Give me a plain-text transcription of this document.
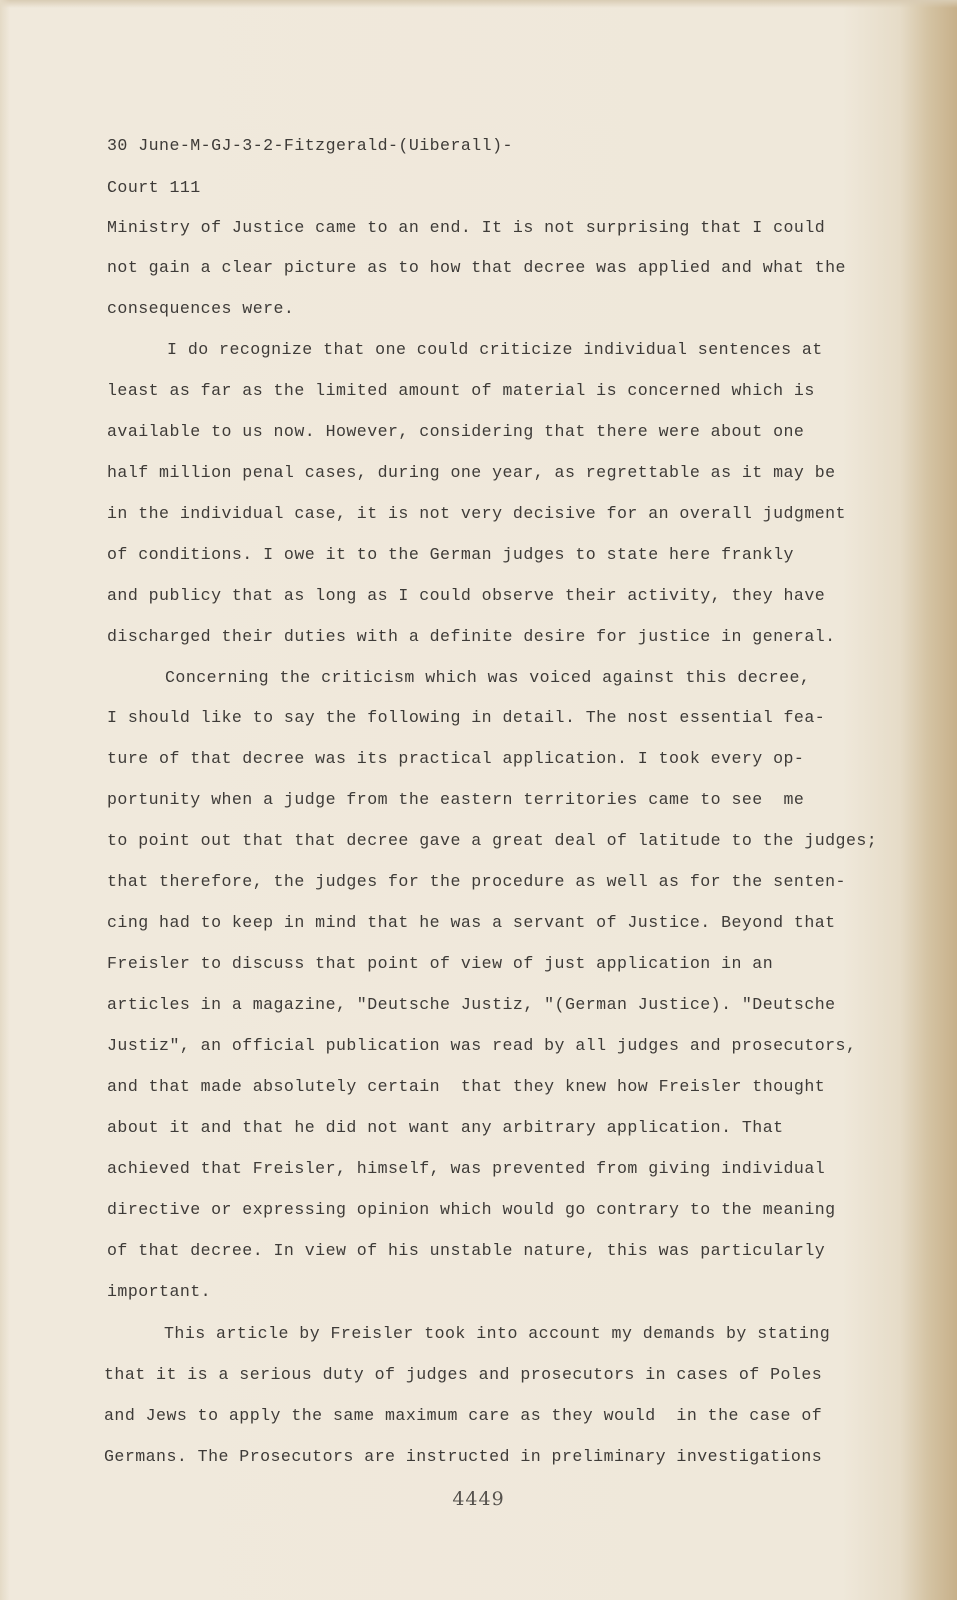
30 June-M-GJ-3-2-Fitzgerald-(Uiberall)-
Court 111
Ministry of Justice came to an end. It is not surprising that I could
not gain a clear picture as to how that decree was applied and what the
consequences were.
I do recognize that one could criticize individual sentences at
least as far as the limited amount of material is concerned which is
available to us now. However, considering that there were about one
half million penal cases, during one year, as regrettable as it may be
in the individual case, it is not very decisive for an overall judgment
of conditions. I owe it to the German judges to state here frankly
and publicy that as long as I could observe their activity, they have
discharged their duties with a definite desire for justice in general.
Concerning the criticism which was voiced against this decree,
I should like to say the following in detail. The nost essential fea-
ture of that decree was its practical application. I took every op-
portunity when a judge from the eastern territories came to see  me
to point out that that decree gave a great deal of latitude to the judges;
that therefore, the judges for the procedure as well as for the senten-
cing had to keep in mind that he was a servant of Justice. Beyond that
Freisler to discuss that point of view of just application in an
articles in a magazine, "Deutsche Justiz, "(German Justice). "Deutsche
Justiz", an official publication was read by all judges and prosecutors,
and that made absolutely certain  that they knew how Freisler thought
about it and that he did not want any arbitrary application. That
achieved that Freisler, himself, was prevented from giving individual
directive or expressing opinion which would go contrary to the meaning
of that decree. In view of his unstable nature, this was particularly
important.
This article by Freisler took into account my demands by stating
that it is a serious duty of judges and prosecutors in cases of Poles
and Jews to apply the same maximum care as they would  in the case of
Germans. The Prosecutors are instructed in preliminary investigations
4449
